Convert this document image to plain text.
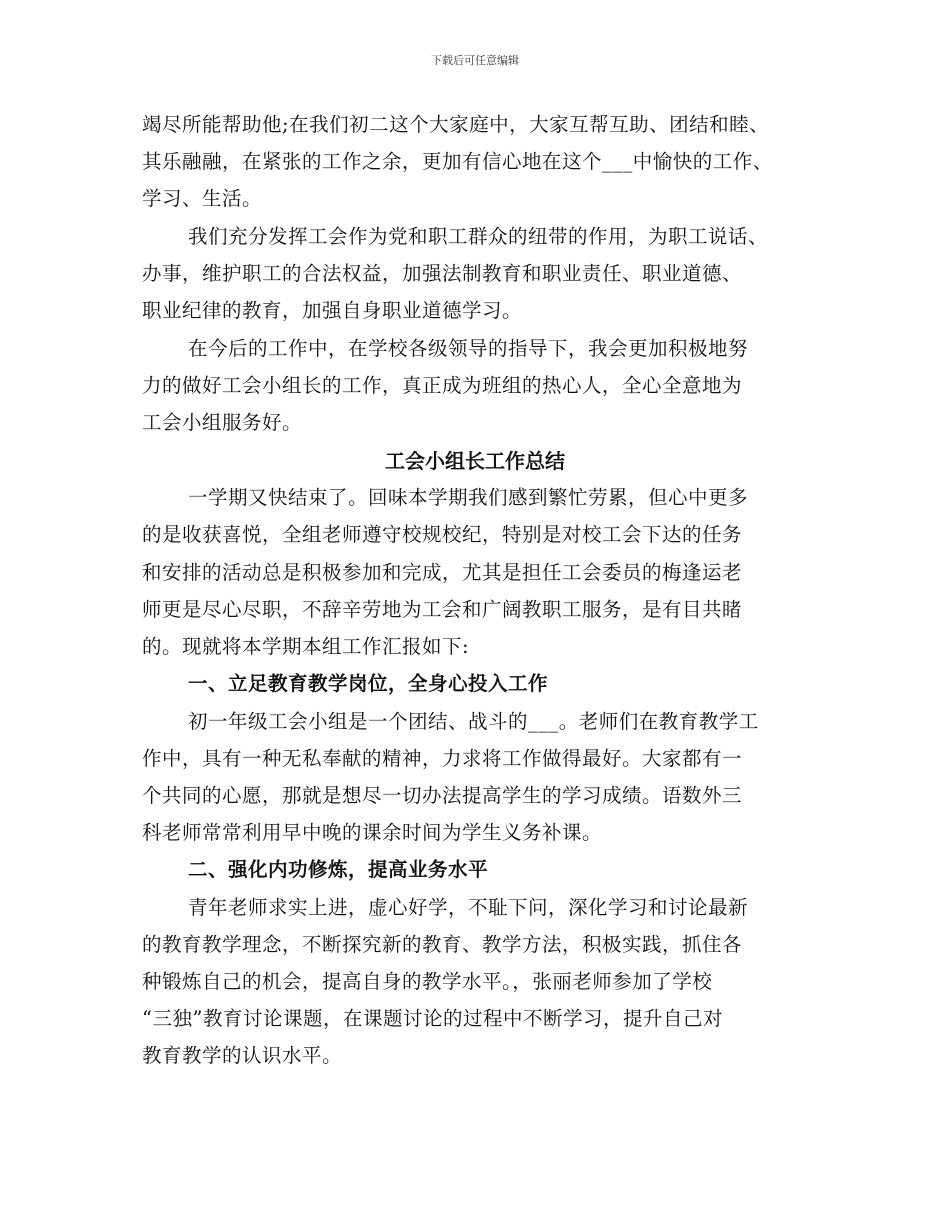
下载后可任意编辑
竭尽所能帮助他;在我们初二这个大家庭中，大家互帮互助、团结和睦、
其乐融融，在紧张的工作之余，更加有信心地在这个___中愉快的工作、
学习、生活。
我们充分发挥工会作为党和职工群众的纽带的作用，为职工说话、
办事，维护职工的合法权益，加强法制教育和职业责任、职业道德、
职业纪律的教育，加强自身职业道德学习。
在今后的工作中，在学校各级领导的指导下，我会更加积极地努
力的做好工会小组长的工作，真正成为班组的热心人，全心全意地为
工会小组服务好。
工会小组长工作总结
一学期又快结束了。回味本学期我们感到繁忙劳累，但心中更多
的是收获喜悦，全组老师遵守校规校纪，特别是对校工会下达的任务
和安排的活动总是积极参加和完成，尤其是担任工会委员的梅逢运老
师更是尽心尽职，不辞辛劳地为工会和广阔教职工服务，是有目共睹
的。现就将本学期本组工作汇报如下:
一、立足教育教学岗位，全身心投入工作
初一年级工会小组是一个团结、战斗的___。老师们在教育教学工
作中，具有一种无私奉献的精神，力求将工作做得最好。大家都有一
个共同的心愿，那就是想尽一切办法提高学生的学习成绩。语数外三
科老师常常利用早中晚的课余时间为学生义务补课。
二、强化内功修炼，提高业务水平
青年老师求实上进，虚心好学，不耻下问，深化学习和讨论最新
的教育教学理念，不断探究新的教育、教学方法，积极实践，抓住各
种锻炼自己的机会，提高自身的教学水平。，张丽老师参加了学校
“三独”教育讨论课题，在课题讨论的过程中不断学习，提升自己对
教育教学的认识水平。
